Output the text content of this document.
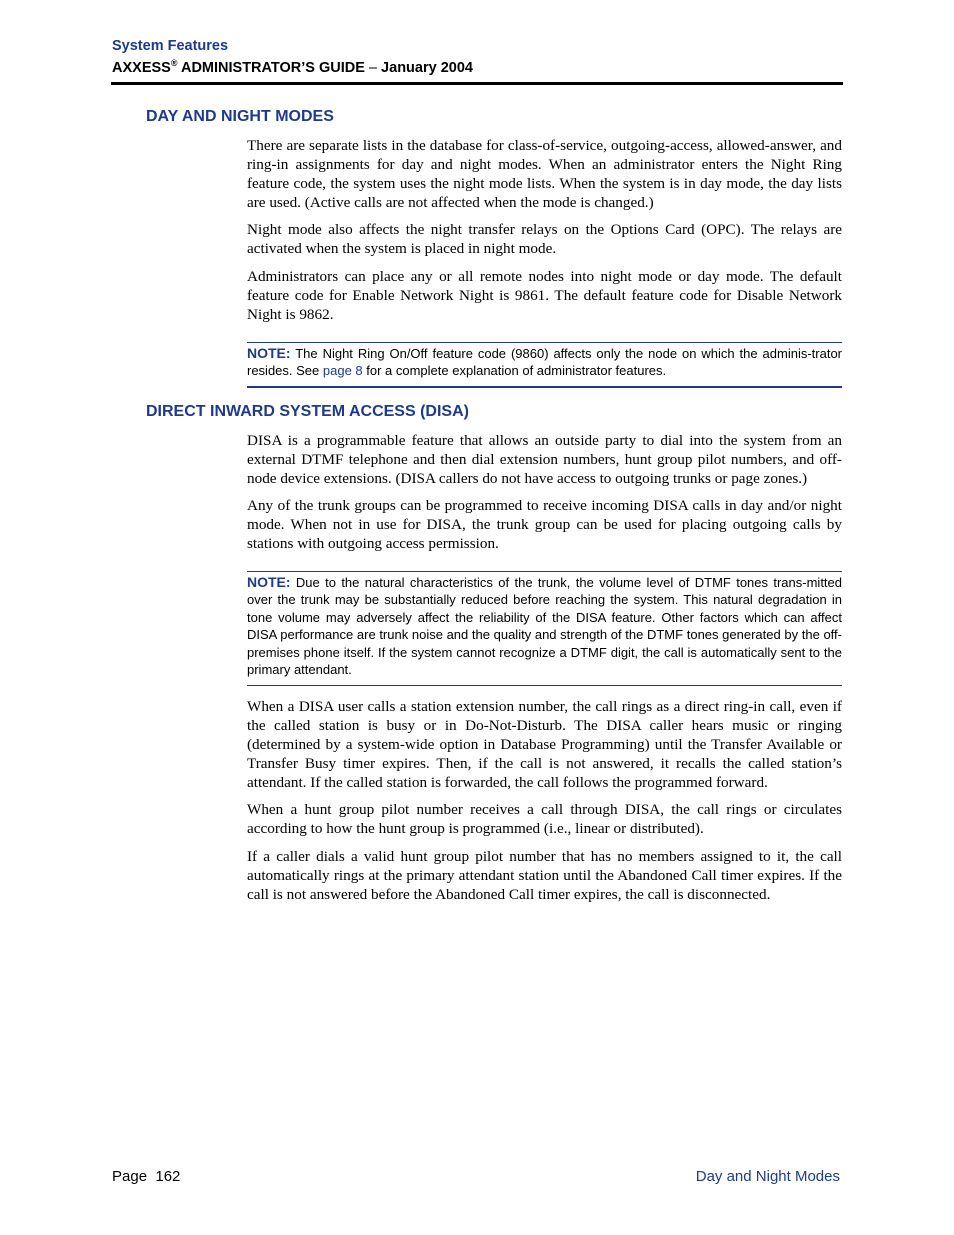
System Features
AXXESS® ADMINISTRATOR’S GUIDE – January 2004
DAY AND NIGHT MODES

There are separate lists in the database for class-of-service, outgoing-access, allowed-answer, and ring-in assignments for day and night modes. When an administrator enters the Night Ring feature code, the system uses the night mode lists. When the system is in day mode, the day lists are used. (Active calls are not affected when the mode is changed.)

Night mode also affects the night transfer relays on the Options Card (OPC). The relays are activated when the system is placed in night mode.

Administrators can place any or all remote nodes into night mode or day mode. The default feature code for Enable Network Night is 9861. The default feature code for Disable Network Night is 9862.

NOTE: The Night Ring On/Off feature code (9860) affects only the node on which the adminis-trator resides. See page 8 for a complete explanation of administrator features.

DIRECT INWARD SYSTEM ACCESS (DISA)

DISA is a programmable feature that allows an outside party to dial into the system from an external DTMF telephone and then dial extension numbers, hunt group pilot numbers, and off-node device extensions. (DISA callers do not have access to outgoing trunks or page zones.)

Any of the trunk groups can be programmed to receive incoming DISA calls in day and/or night mode. When not in use for DISA, the trunk group can be used for placing outgoing calls by stations with outgoing access permission.

NOTE: Due to the natural characteristics of the trunk, the volume level of DTMF tones trans-mitted over the trunk may be substantially reduced before reaching the system. This natural degradation in tone volume may adversely affect the reliability of the DISA feature. Other factors which can affect DISA performance are trunk noise and the quality and strength of the DTMF tones generated by the off-premises phone itself. If the system cannot recognize a DTMF digit, the call is automatically sent to the primary attendant.

When a DISA user calls a station extension number, the call rings as a direct ring-in call, even if the called station is busy or in Do-Not-Disturb. The DISA caller hears music or ringing (determined by a system-wide option in Database Programming) until the Transfer Available or Transfer Busy timer expires. Then, if the call is not answered, it recalls the called station’s attendant. If the called station is forwarded, the call follows the programmed forward.

When a hunt group pilot number receives a call through DISA, the call rings or circulates according to how the hunt group is programmed (i.e., linear or distributed).

If a caller dials a valid hunt group pilot number that has no members assigned to it, the call automatically rings at the primary attendant station until the Abandoned Call timer expires. If the call is not answered before the Abandoned Call timer expires, the call is disconnected.

Page  162	Day and Night Modes
